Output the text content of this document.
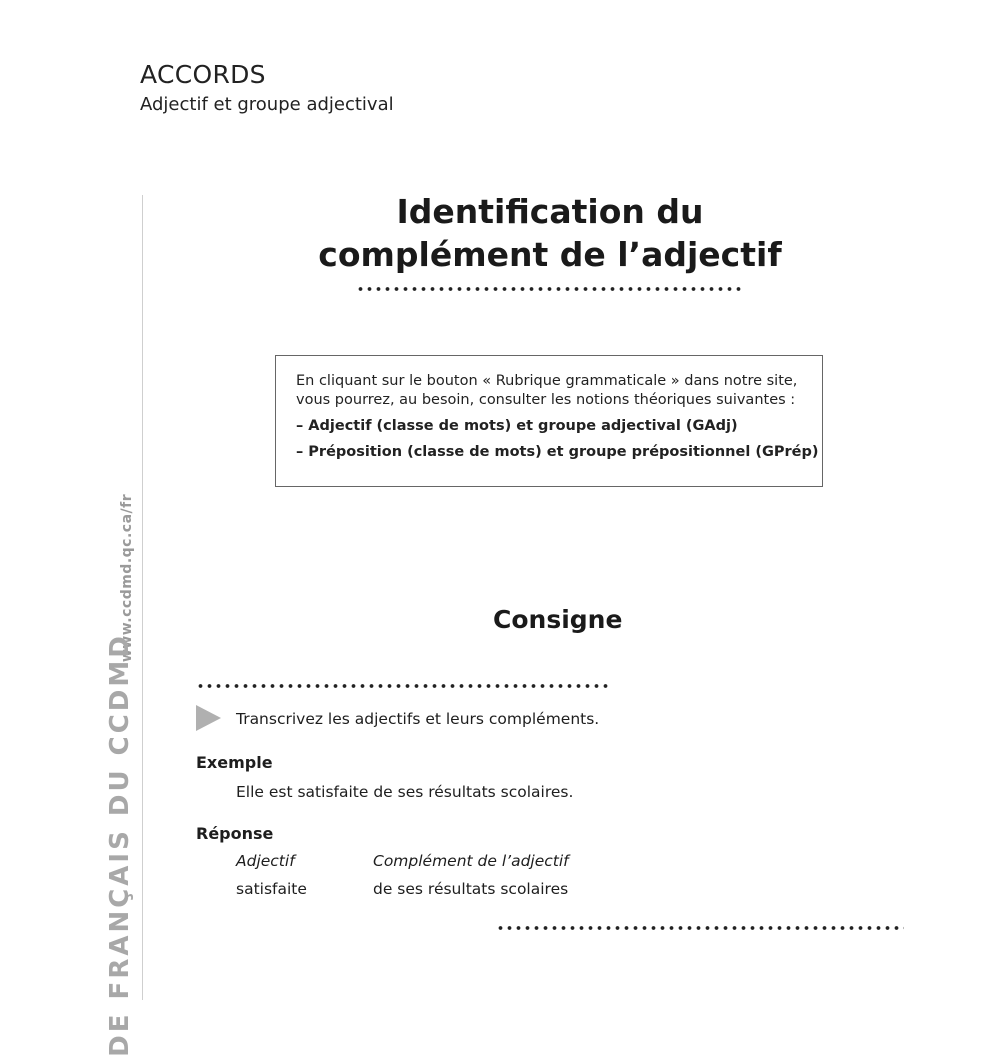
ACCORDS
Adjectif et groupe adjectival
www.ccdmd.qc.ca/fr
DE FRANÇAIS DU CCDMD
Identification du
complément de l’adjectif

En cliquant sur le bouton « Rubrique grammaticale » dans notre site,

vous pourrez, au besoin, consulter les notions théoriques suivantes :

– Adjectif (classe de mots) et groupe adjectival (GAdj)

– Préposition (classe de mots) et groupe prépositionnel (GPrép)

Consigne
Transcrivez les adjectifs et leurs compléments.
Exemple
Elle est satisfaite de ses résultats scolaires.
Réponse
Adjectif	Complément de l’adjectif
satisfaite	de ses résultats scolaires
